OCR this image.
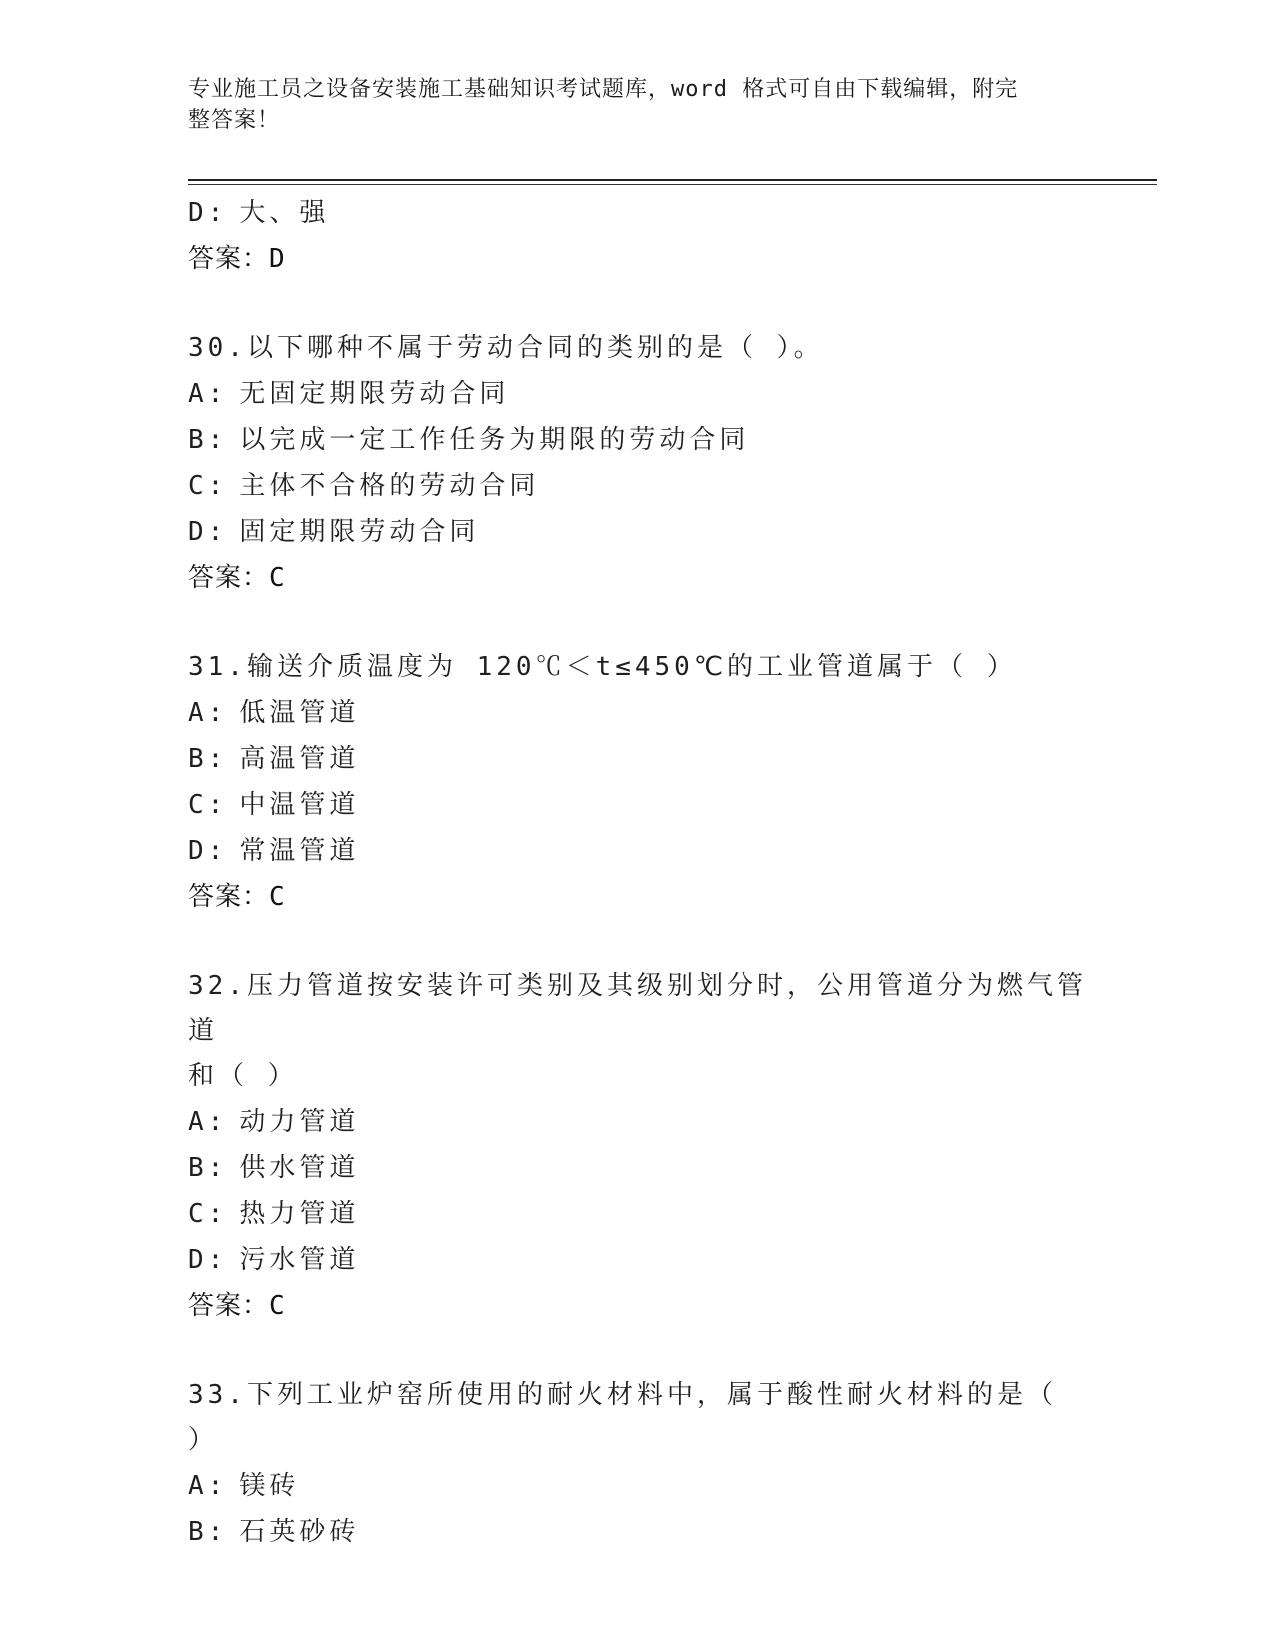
专业施工员之设备安装施工基础知识考试题库，word 格式可自由下载编辑，附完
整答案！
D: 大、强
答案：D
30.以下哪种不属于劳动合同的类别的是（ ）。
A: 无固定期限劳动合同
B: 以完成一定工作任务为期限的劳动合同
C: 主体不合格的劳动合同
D: 固定期限劳动合同
答案：C
31.输送介质温度为 120℃＜t≤450℃的工业管道属于（ ）
A: 低温管道
B: 高温管道
C: 中温管道
D: 常温管道
答案：C
32.压力管道按安装许可类别及其级别划分时，公用管道分为燃气管道
和（ ）
A: 动力管道
B: 供水管道
C: 热力管道
D: 污水管道
答案：C
33.下列工业炉窑所使用的耐火材料中，属于酸性耐火材料的是（ ）
A: 镁砖
B: 石英砂砖
